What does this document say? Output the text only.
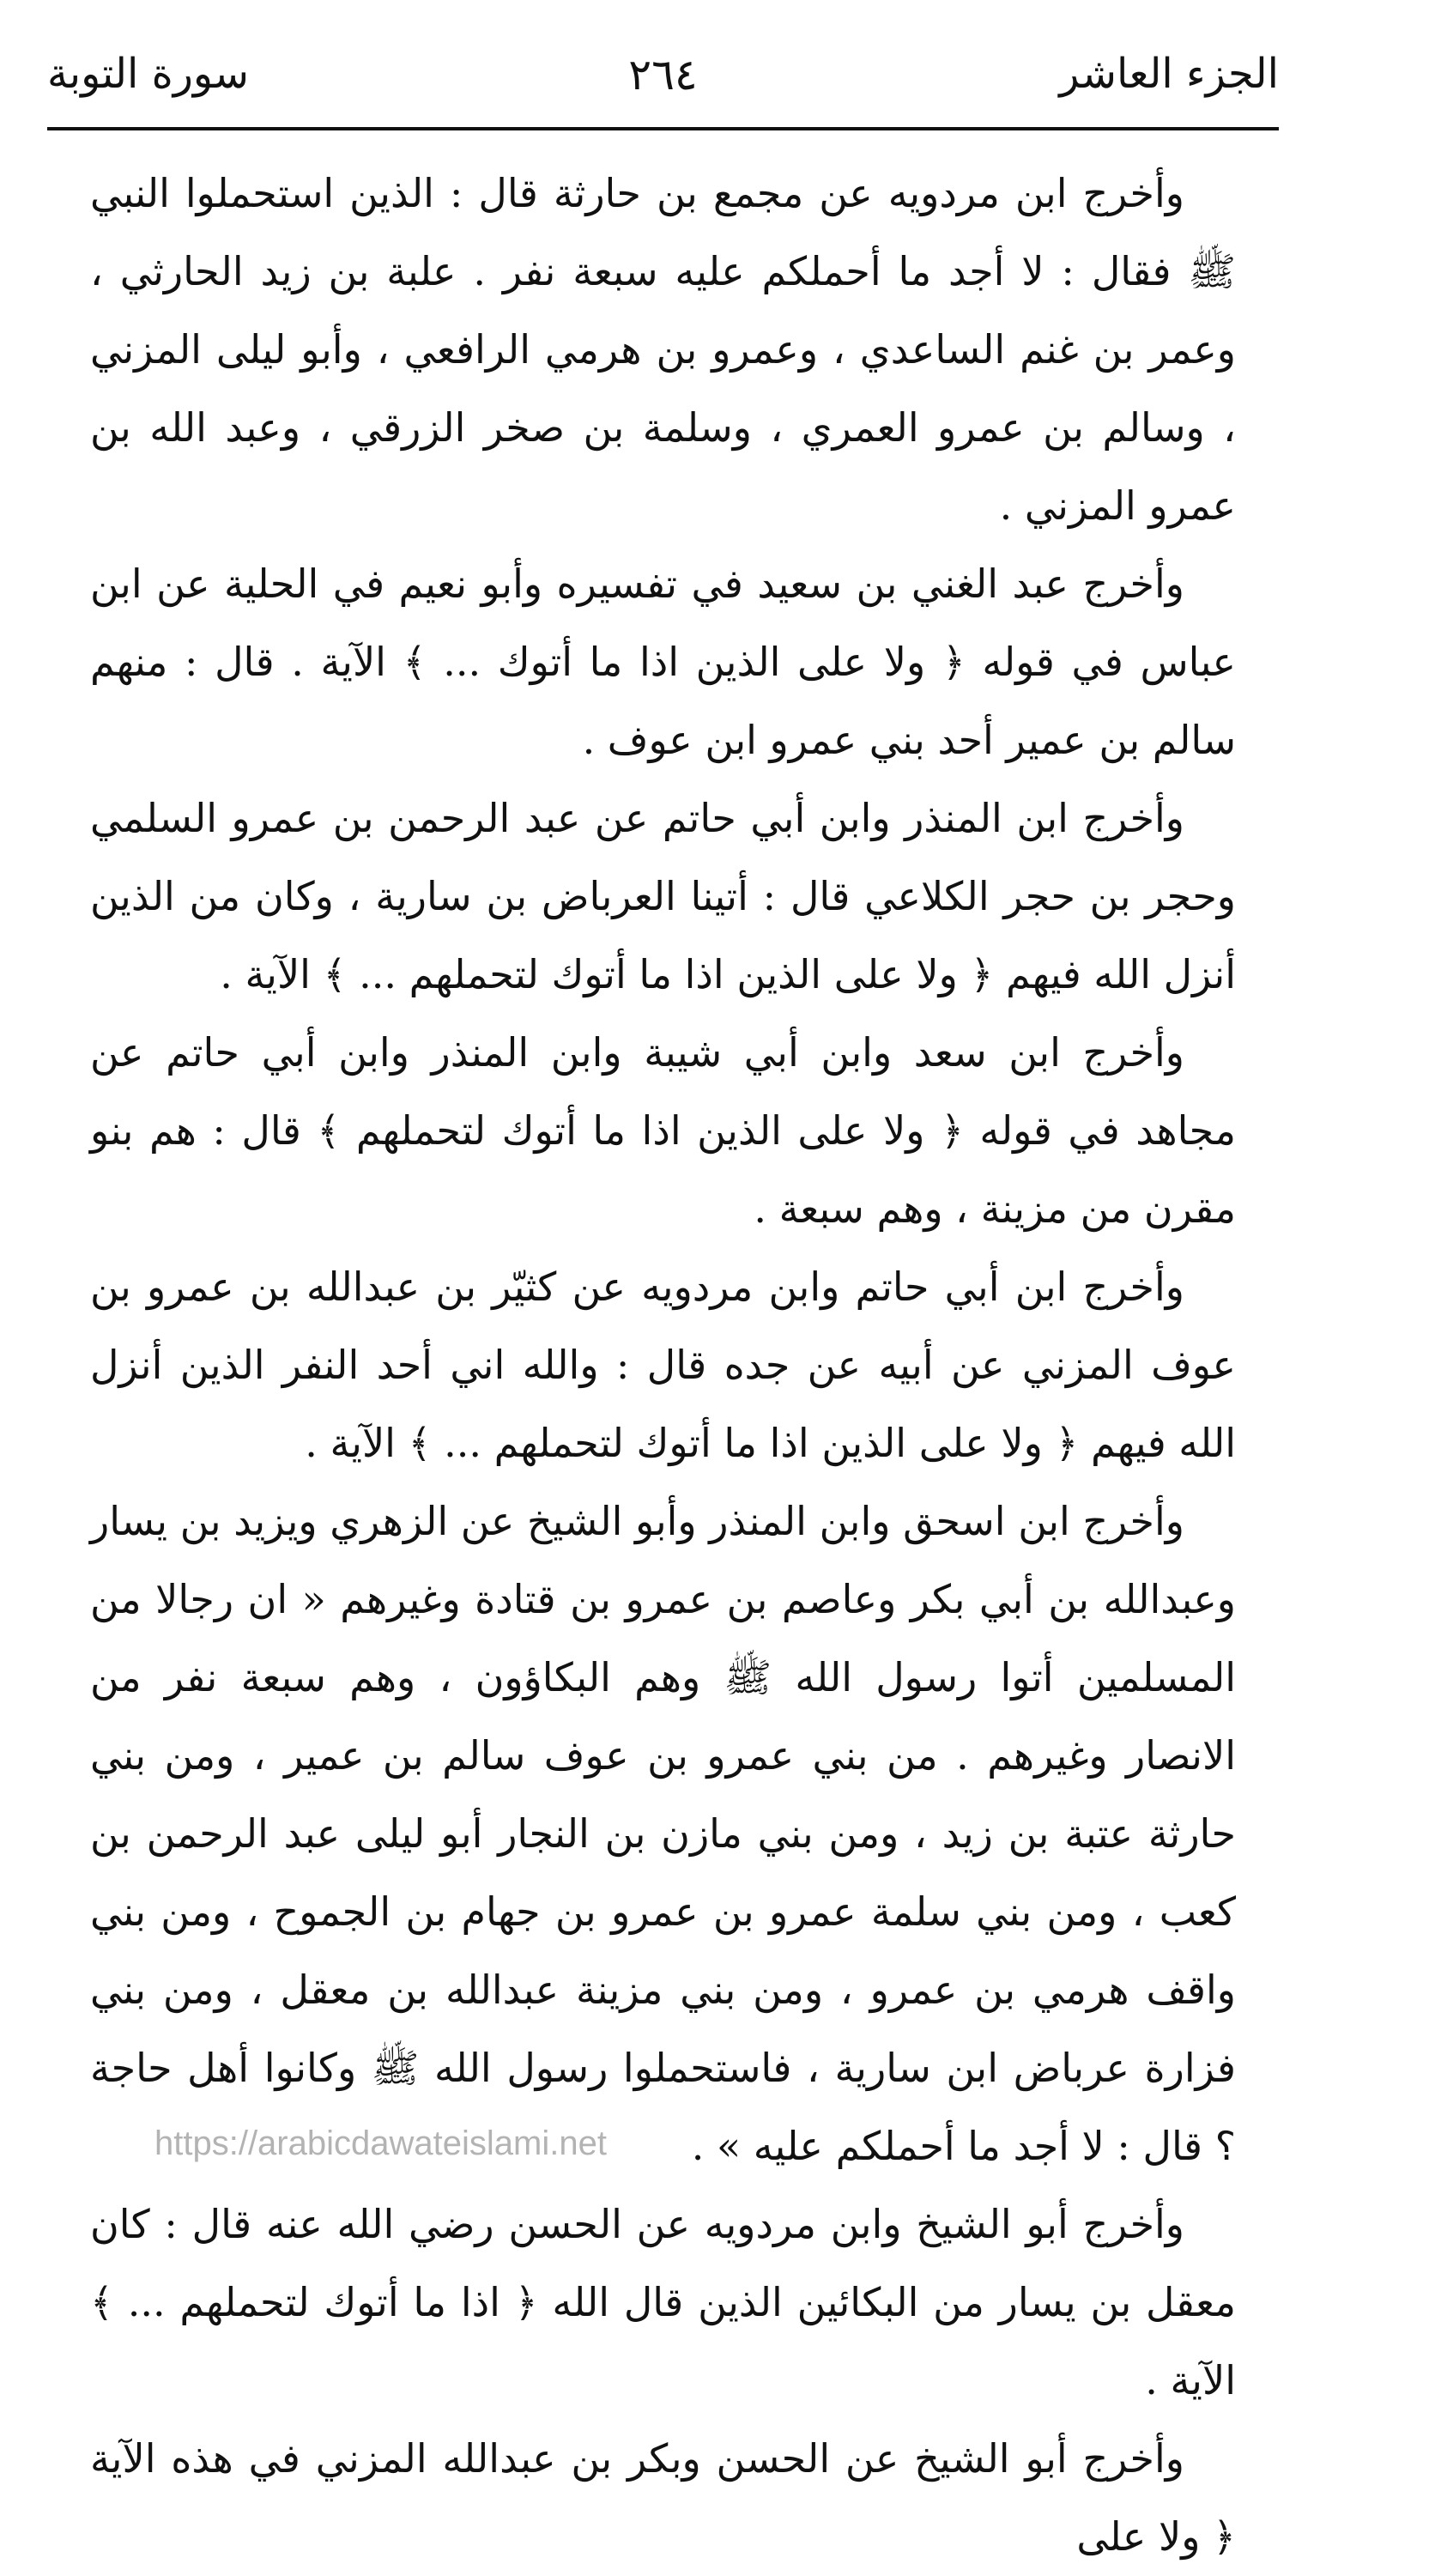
الجزء العاشر
٢٦٤
سورة التوبة

وأخرج ابن مردويه عن مجمع بن حارثة قال : الذين استحملوا النبي ﷺ فقال : لا أجد ما أحملكم عليه سبعة نفر . علبة بن زيد الحارثي ، وعمر بن غنم الساعدي ، وعمرو بن هرمي الرافعي ، وأبو ليلى المزني ، وسالم بن عمرو العمري ، وسلمة بن صخر الزرقي ، وعبد الله بن عمرو المزني .

وأخرج عبد الغني بن سعيد في تفسيره وأبو نعيم في الحلية عن ابن عباس في قوله ﴿ ولا على الذين اذا ما أتوك ... ﴾ الآية . قال : منهم سالم بن عمير أحد بني عمرو ابن عوف .

وأخرج ابن المنذر وابن أبي حاتم عن عبد الرحمن بن عمرو السلمي وحجر بن حجر الكلاعي قال : أتينا العرباض بن سارية ، وكان من الذين أنزل الله فيهم ﴿ ولا على الذين اذا ما أتوك لتحملهم ... ﴾ الآية .

وأخرج ابن سعد وابن أبي شيبة وابن المنذر وابن أبي حاتم عن مجاهد في قوله ﴿ ولا على الذين اذا ما أتوك لتحملهم ﴾ قال : هم بنو مقرن من مزينة ، وهم سبعة .

وأخرج ابن أبي حاتم وابن مردويه عن كثيّر بن عبدالله بن عمرو بن عوف المزني عن أبيه عن جده قال : والله اني أحد النفر الذين أنزل الله فيهم ﴿ ولا على الذين اذا ما أتوك لتحملهم ... ﴾ الآية .

وأخرج ابن اسحق وابن المنذر وأبو الشيخ عن الزهري ويزيد بن يسار وعبدالله بن أبي بكر وعاصم بن عمرو بن قتادة وغيرهم « ان رجالا من المسلمين أتوا رسول الله ﷺ وهم البكاؤون ، وهم سبعة نفر من الانصار وغيرهم . من بني عمرو بن عوف سالم بن عمير ، ومن بني حارثة عتبة بن زيد ، ومن بني مازن بن النجار أبو ليلى عبد الرحمن بن كعب ، ومن بني سلمة عمرو بن عمرو بن جهام بن الجموح ، ومن بني واقف هرمي بن عمرو ، ومن بني مزينة عبدالله بن معقل ، ومن بني فزارة عرباض ابن سارية ، فاستحملوا رسول الله ﷺ وكانوا أهل حاجة ؟ قال : لا أجد ما أحملكم عليه » .

وأخرج أبو الشيخ وابن مردويه عن الحسن رضي الله عنه قال : كان معقل بن يسار من البكائين الذين قال الله ﴿ اذا ما أتوك لتحملهم ... ﴾ الآية .

وأخرج أبو الشيخ عن الحسن وبكر بن عبدالله المزني في هذه الآية ﴿ ولا على

https://arabicdawateislami.net
